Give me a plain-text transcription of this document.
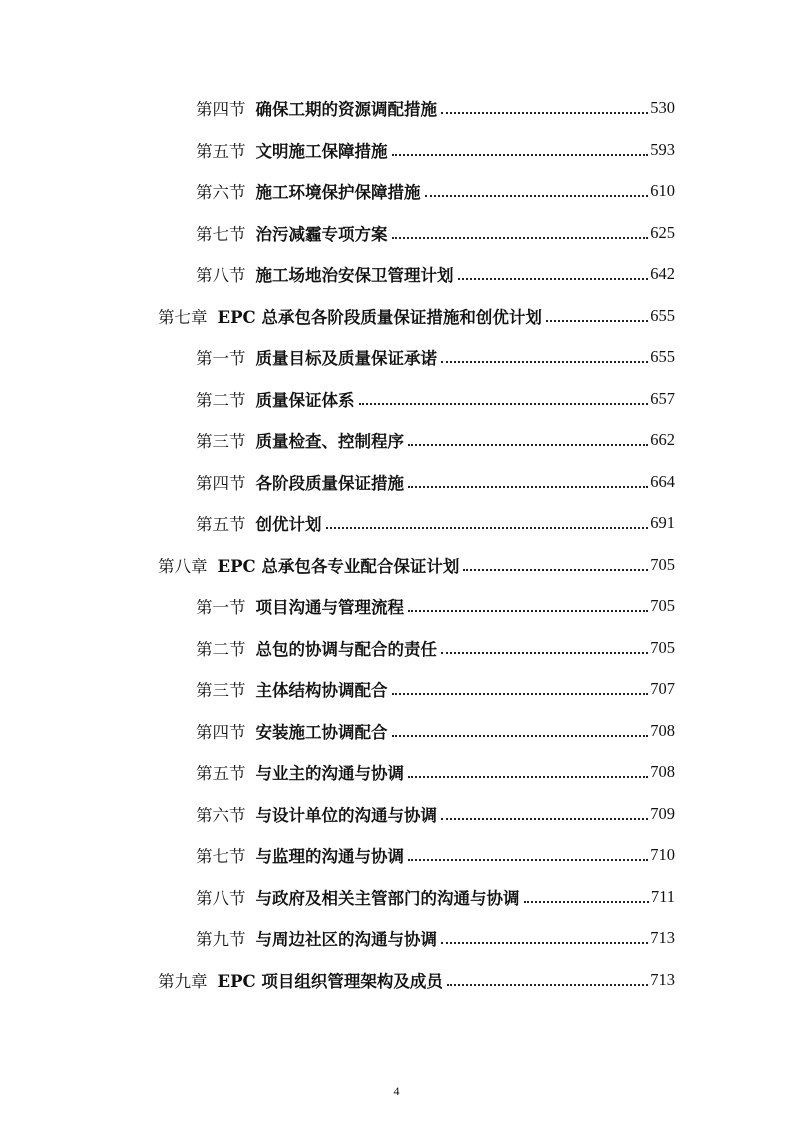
第四节 确保工期的资源调配措施	530
第五节 文明施工保障措施	593
第六节 施工环境保护保障措施	610
第七节 治污减霾专项方案	625
第八节 施工场地治安保卫管理计划	642
第七章 EPC 总承包各阶段质量保证措施和创优计划	655
第一节 质量目标及质量保证承诺	655
第二节 质量保证体系	657
第三节 质量检查、控制程序	662
第四节 各阶段质量保证措施	664
第五节 创优计划	691
第八章 EPC 总承包各专业配合保证计划	705
第一节 项目沟通与管理流程	705
第二节 总包的协调与配合的责任	705
第三节 主体结构协调配合	707
第四节 安装施工协调配合	708
第五节 与业主的沟通与协调	708
第六节 与设计单位的沟通与协调	709
第七节 与监理的沟通与协调	710
第八节 与政府及相关主管部门的沟通与协调	711
第九节 与周边社区的沟通与协调	713
第九章 EPC 项目组织管理架构及成员	713
4
